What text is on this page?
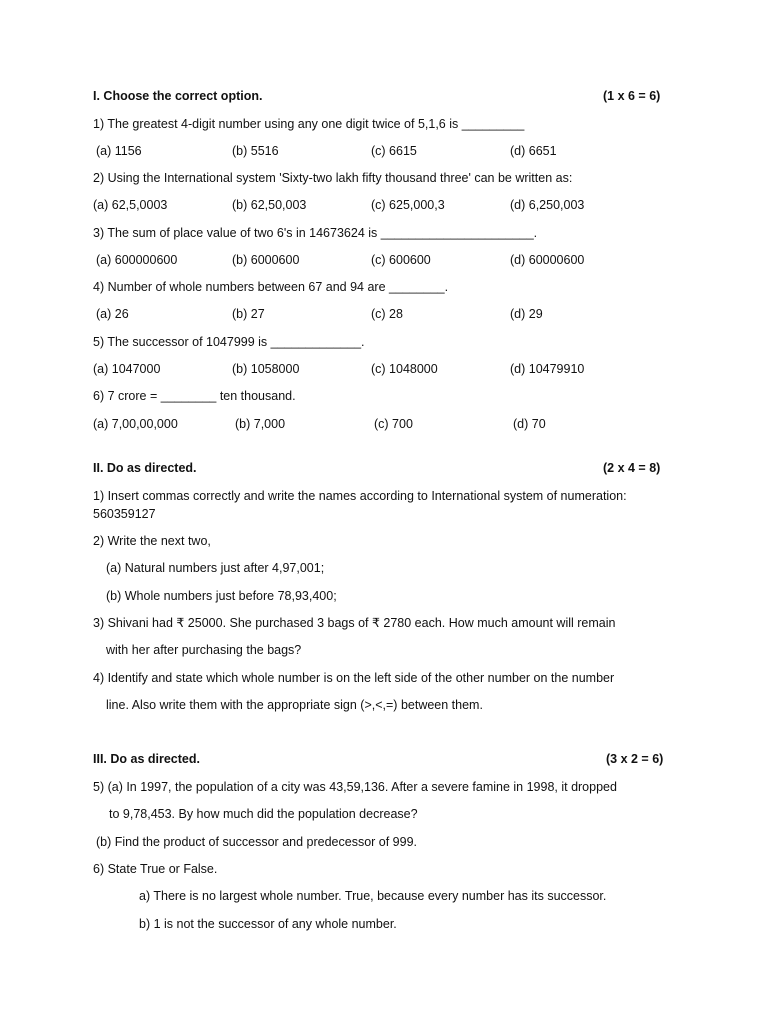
I. Choose the correct option.	(1 x 6 = 6)
1) The greatest 4-digit number using any one digit twice of 5,1,6 is _________
(a) 1156	(b) 5516	(c) 6615	(d) 6651
2) Using the International system 'Sixty-two lakh fifty thousand three' can be written as:
(a) 62,5,0003	(b) 62,50,003	(c) 625,000,3	(d) 6,250,003
3) The sum of place value of two 6's in 14673624 is ______________________.
(a) 600000600	(b) 6000600	(c) 600600	(d) 60000600
4) Number of whole numbers between 67 and 94 are ________.
(a) 26	(b) 27	(c) 28	(d) 29
5) The successor of 1047999 is _____________.
(a) 1047000	(b) 1058000	(c) 1048000	(d) 10479910
6) 7 crore = ________ ten thousand.
(a) 7,00,00,000	(b) 7,000	(c) 700	(d) 70
II. Do as directed.	(2 x 4 = 8)
1) Insert commas correctly and write the names according to International system of numeration:
560359127
2) Write the next two,
(a) Natural numbers just after 4,97,001;
(b) Whole numbers just before 78,93,400;
3) Shivani had ₹ 25000. She purchased 3 bags of ₹ 2780 each. How much amount will remain
with her after purchasing the bags?
4) Identify and state which whole number is on the left side of the other number on the number
line. Also write them with the appropriate sign (>,<,=) between them.
III. Do as directed.	(3 x 2 = 6)
5) (a) In 1997, the population of a city was 43,59,136. After a severe famine in 1998, it dropped
to 9,78,453. By how much did the population decrease?
(b) Find the product of successor and predecessor of 999.
6) State True or False.
a) There is no largest whole number. True, because every number has its successor.
b) 1 is not the successor of any whole number.
